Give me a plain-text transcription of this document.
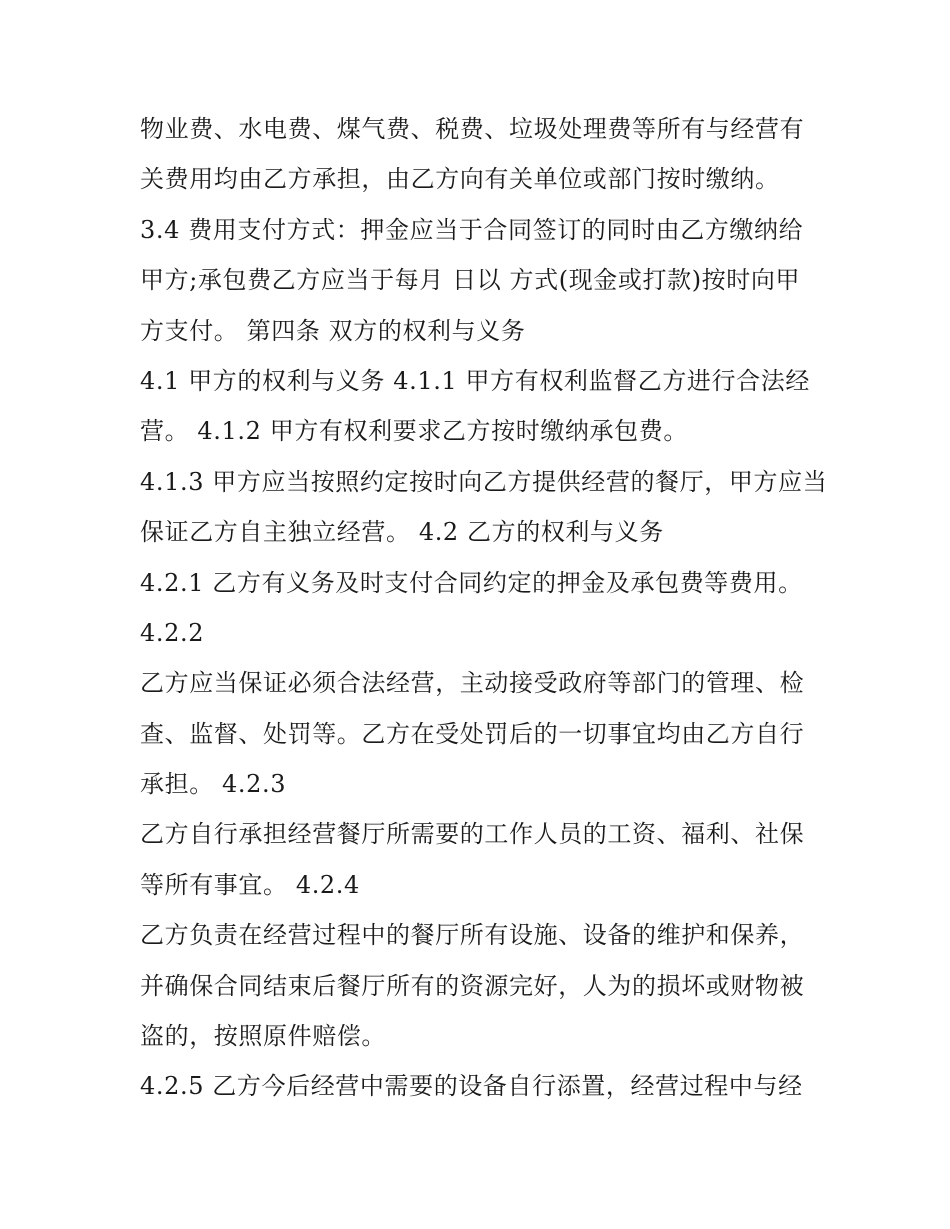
物业费、水电费、煤气费、税费、垃圾处理费等所有与经营有
关费用均由乙方承担，由乙方向有关单位或部门按时缴纳。
3.4 费用支付方式：押金应当于合同签订的同时由乙方缴纳给
甲方;承包费乙方应当于每月 日以 方式(现金或打款)按时向甲
方支付。 第四条 双方的权利与义务
4.1 甲方的权利与义务 4.1.1 甲方有权利监督乙方进行合法经
营。 4.1.2 甲方有权利要求乙方按时缴纳承包费。
4.1.3 甲方应当按照约定按时向乙方提供经营的餐厅，甲方应当
保证乙方自主独立经营。 4.2 乙方的权利与义务
4.2.1 乙方有义务及时支付合同约定的押金及承包费等费用。
4.2.2
乙方应当保证必须合法经营，主动接受政府等部门的管理、检
查、监督、处罚等。乙方在受处罚后的一切事宜均由乙方自行
承担。 4.2.3
乙方自行承担经营餐厅所需要的工作人员的工资、福利、社保
等所有事宜。 4.2.4
乙方负责在经营过程中的餐厅所有设施、设备的维护和保养，
并确保合同结束后餐厅所有的资源完好，人为的损坏或财物被
盗的，按照原件赔偿。
4.2.5 乙方今后经营中需要的设备自行添置，经营过程中与经
